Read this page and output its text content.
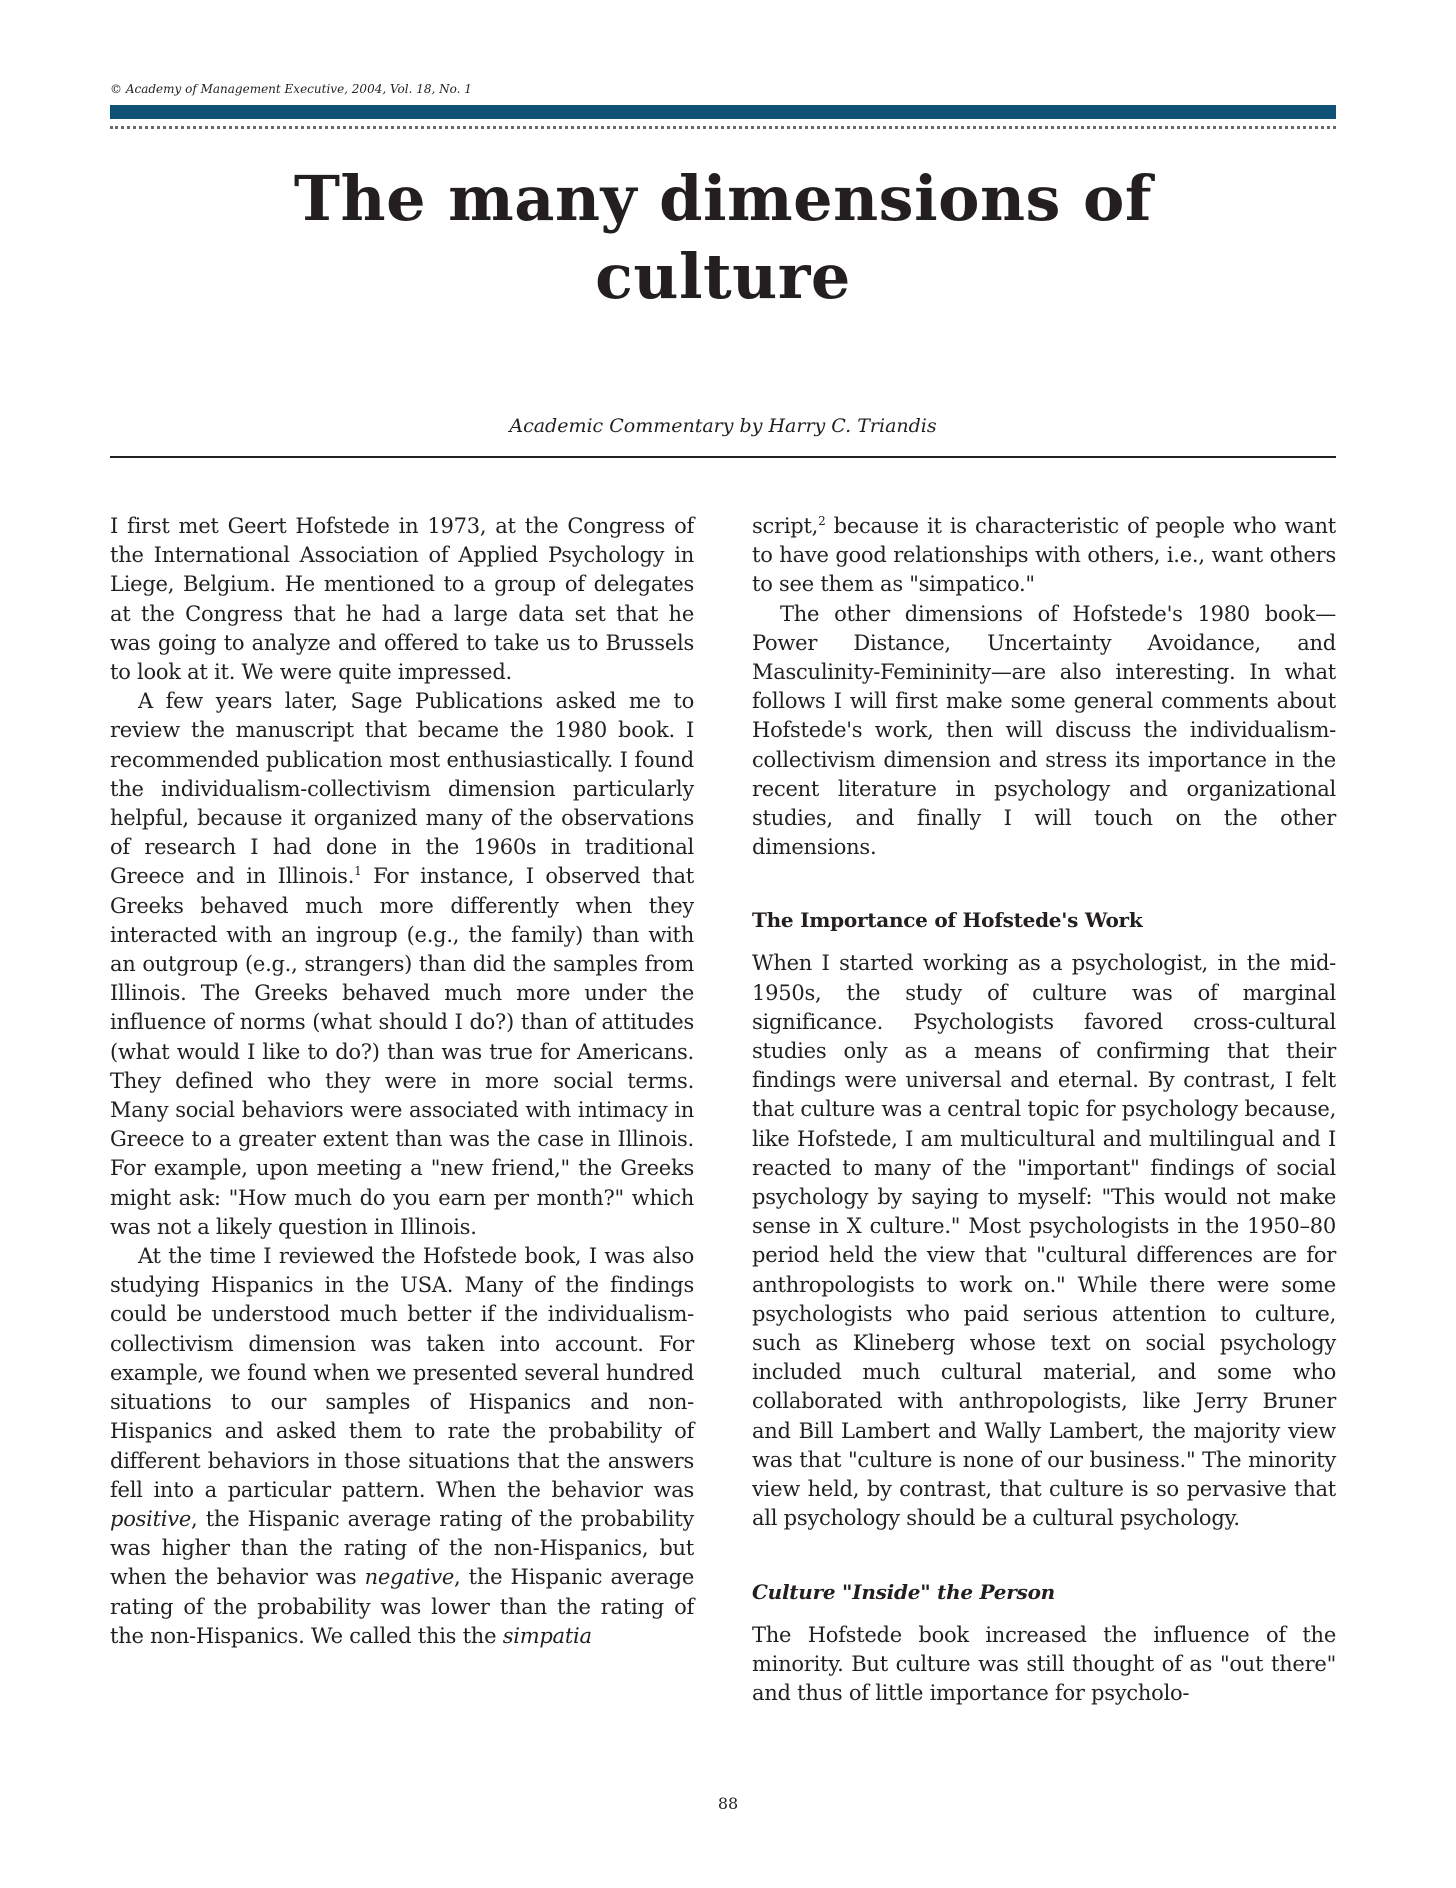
© Academy of Management Executive, 2004, Vol. 18, No. 1
The many dimensions of
culture
Academic Commentary by Harry C. Triandis

I first met Geert Hofstede in 1973, at the Congress of the International Association of Applied Psychology in Liege, Belgium. He mentioned to a group of delegates at the Congress that he had a large data set that he was going to analyze and offered to take us to Brussels to look at it. We were quite impressed.

A few years later, Sage Publications asked me to review the manuscript that became the 1980 book. I recommended publication most enthusiastically. I found the individualism-collectivism dimension particularly helpful, because it organized many of the observations of research I had done in the 1960s in traditional Greece and in Illinois.$^1$ For instance, I observed that Greeks behaved much more differently when they interacted with an ingroup (e.g., the family) than with an outgroup (e.g., strangers) than did the samples from Illinois. The Greeks behaved much more under the influence of norms (what should I do?) than of attitudes (what would I like to do?) than was true for Americans. They defined who they were in more social terms. Many social behaviors were associated with intimacy in Greece to a greater extent than was the case in Illinois. For example, upon meeting a "new friend," the Greeks might ask: "How much do you earn per month?" which was not a likely question in Illinois.

At the time I reviewed the Hofstede book, I was also studying Hispanics in the USA. Many of the findings could be understood much better if the individualism-collectivism dimension was taken into account. For example, we found when we presented several hundred situations to our samples of Hispanics and non-Hispanics and asked them to rate the probability of different behaviors in those situations that the answers fell into a particular pattern. When the behavior was positive, the Hispanic average rating of the probability was higher than the rating of the non-Hispanics, but when the behavior was negative, the Hispanic average rating of the probability was lower than the rating of the non-Hispanics. We called this the simpatia

script,$^2$ because it is characteristic of people who want to have good relationships with others, i.e., want others to see them as "simpatico."

The other dimensions of Hofstede's 1980 book—Power Distance, Uncertainty Avoidance, and Masculinity-Femininity—are also interesting. In what follows I will first make some general comments about Hofstede's work, then will discuss the individualism-collectivism dimension and stress its importance in the recent literature in psychology and organizational studies, and finally I will touch on the other dimensions.

The Importance of Hofstede's Work

When I started working as a psychologist, in the mid-1950s, the study of culture was of marginal significance. Psychologists favored cross-cultural studies only as a means of confirming that their findings were universal and eternal. By contrast, I felt that culture was a central topic for psychology because, like Hofstede, I am multicultural and multilingual and I reacted to many of the "important" findings of social psychology by saying to myself: "This would not make sense in X culture." Most psychologists in the 1950–80 period held the view that "cultural differences are for anthropologists to work on." While there were some psychologists who paid serious attention to culture, such as Klineberg whose text on social psychology included much cultural material, and some who collaborated with anthropologists, like Jerry Bruner and Bill Lambert and Wally Lambert, the majority view was that "culture is none of our business." The minority view held, by contrast, that culture is so pervasive that all psychology should be a cultural psychology.

Culture "Inside" the Person

The Hofstede book increased the influence of the minority. But culture was still thought of as "out there" and thus of little importance for psycholo-

88
